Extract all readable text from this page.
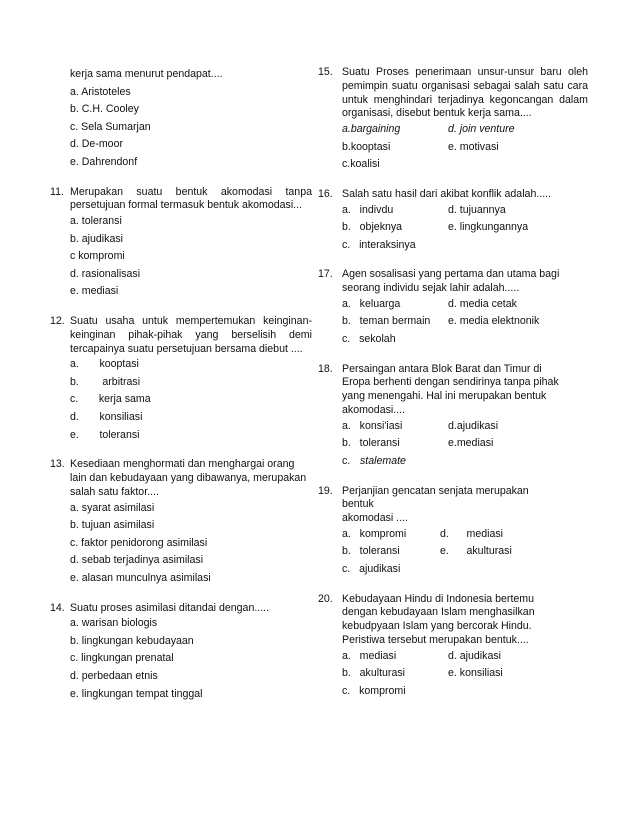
kerja sama menurut pendapat....
a. Aristoteles
b. C.H. Cooley
c. Sela Sumarjan
d. De-moor
e. Dahrendonf
11. Merupakan suatu bentuk akomodasi tanpa persetujuan formal termasuk bentuk akomodasi...
a. toleransi
b. ajudikasi
c kompromi
d. rasionalisasi
e. mediasi
12. Suatu usaha untuk mempertemukan keinginan-keinginan pihak-pihak yang berselisih demi tercapainya suatu persetujuan bersama diebut ....
a.       kooptasi
b.        arbitrasi
c.       kerja sama
d.       konsiliasi
e.       toleransi
13. Kesediaan menghormati dan menghargai orang lain dan kebudayaan yang dibawanya, merupakan salah satu faktor....
a. syarat asimilasi
b. tujuan asimilasi
c. faktor penidorong asimilasi
d. sebab terjadinya asimilasi
e. alasan munculnya asimilasi
14. Suatu proses asimilasi ditandai dengan.....
a. warisan biologis
b. lingkungan kebudayaan
c. lingkungan prenatal
d. perbedaan etnis
e. lingkungan tempat tinggal
15. Suatu Proses penerimaan unsur-unsur baru oleh pemimpin suatu organisasi sebagai salah satu cara untuk menghindari terjadinya kegoncangan dalam organisasi, disebut bentuk kerja sama....
a.bargaining	d. join venture
b.kooptasi	e. motivasi
c.koalisi
16. Salah satu hasil dari akibat konflik adalah.....
a.   indivdu	d. tujuannya
b.   objeknya	e. lingkungannya
c.   interaksinya
17. Agen sosalisasi yang pertama dan utama bagi seorang individu sejak lahir adalah.....
a.   keluarga	d. media cetak
b.   teman bermain	e. media elektnonik
c.   sekolah
18. Persaingan antara Blok Barat dan Timur di
Eropa berhenti dengan sendirinya tanpa pihak
yang menengahi. Hal ini merupakan bentuk
akomodasi....
a.   konsi'iasi	d.ajudikasi
b.   toleransi	e.mediasi
c. stalemate
19. Perjanjian gencatan senjata merupakan
bentuk
akomodasi ....
a.   kompromi	d.      mediasi
b.   toleransi	e.      akulturasi
c.   ajudikasi
20. Kebudayaan Hindu di Indonesia bertemu
dengan kebudayaan Islam menghasilkan
kebudpyaan Islam yang bercorak Hindu.
Peristiwa tersebut merupakan bentuk....
a.   mediasi	d. ajudikasi
b.   akulturasi	e. konsiliasi
c.   kompromi
